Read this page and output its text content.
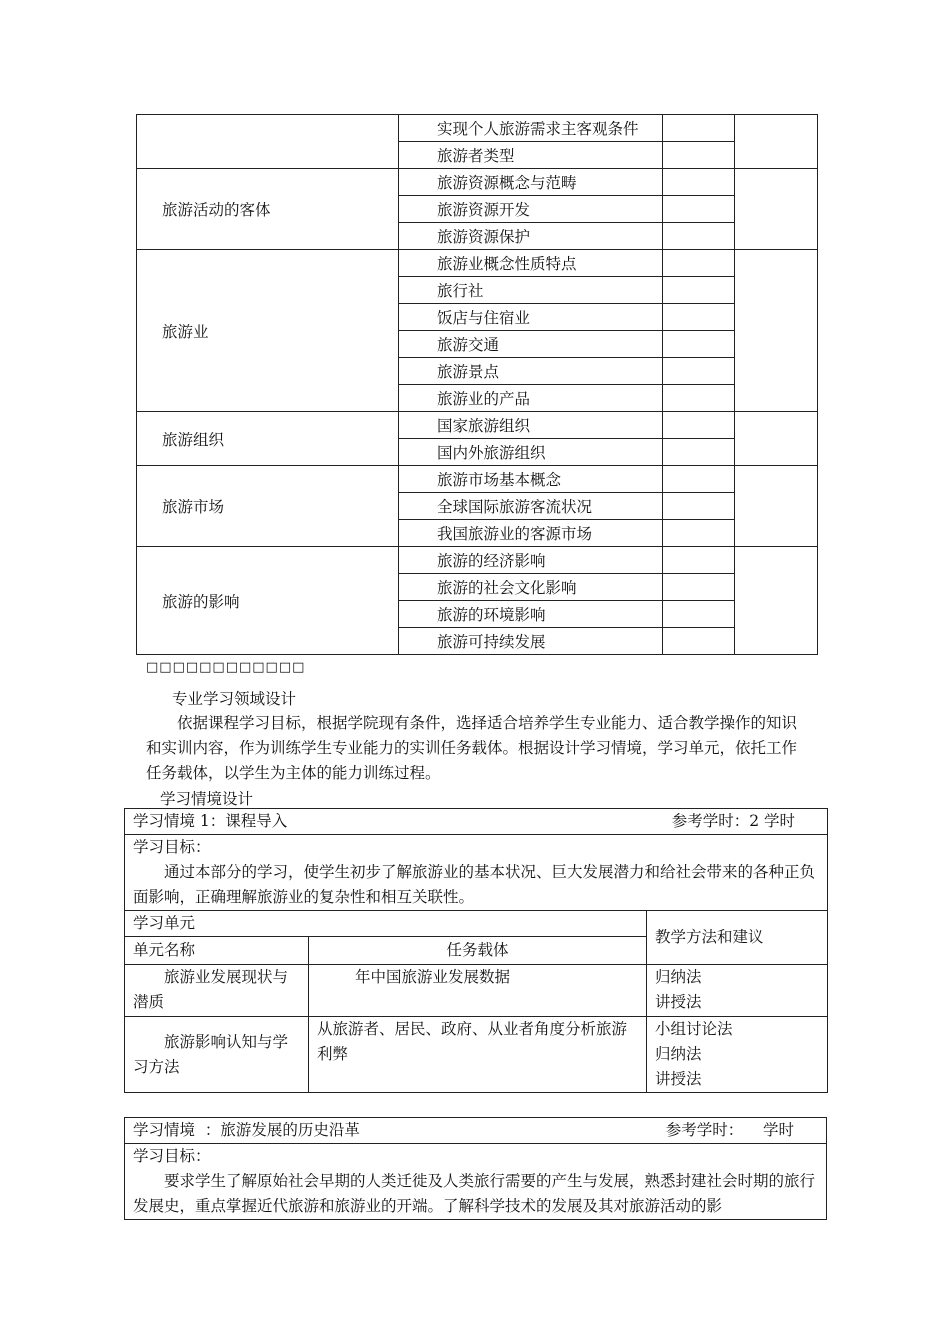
	实现个人旅游需求主客观条件		
	旅游者类型		
旅游活动的客体	旅游资源概念与范畴		
	旅游资源开发		
	旅游资源保护		
旅游业	旅游业概念性质特点		
	旅行社		
	饭店与住宿业		
	旅游交通		
	旅游景点		
	旅游业的产品		
旅游组织	国家旅游组织		
	国内外旅游组织		
旅游市场	旅游市场基本概念		
	全球国际旅游客流状况		
	我国旅游业的客源市场		
旅游的影响	旅游的经济影响		
	旅游的社会文化影响		
	旅游的环境影响		
	旅游可持续发展		
□□□□□□□□□□□□
专业学习领域设计
依据课程学习目标，根据学院现有条件，选择适合培养学生专业能力、适合教学操作的知识和实训内容，作为训练学生专业能力的实训任务载体。根据设计学习情境，学习单元，依托工作任务载体，以学生为主体的能力训练过程。
学习情境设计
学习情境 1：课程导入 参考学时：2 学时		

学习目标：

通过本部分的学习，使学生初步了解旅游业的基本状况、巨大发展潜力和给社会带来的各种正负面影响，正确理解旅游业的复杂性和相互关联性。		

学习单元		教学方法和建议
单元名称	任务载体	
旅游业发展现状与潜质	年中国旅游业发展数据	归纳法

讲授法

旅游影响认知与学习方法	从旅游者、居民、政府、从业者角度分析旅游利弊	小组讨论法

归纳法

讲授法

学习情境  ：旅游发展的历史沿革	参考学时：    学时

学习目标：

要求学生了解原始社会早期的人类迁徙及人类旅行需要的产生与发展，熟悉封建社会时期的旅行发展史，重点掌握近代旅游和旅游业的开端。了解科学技术的发展及其对旅游活动的影
